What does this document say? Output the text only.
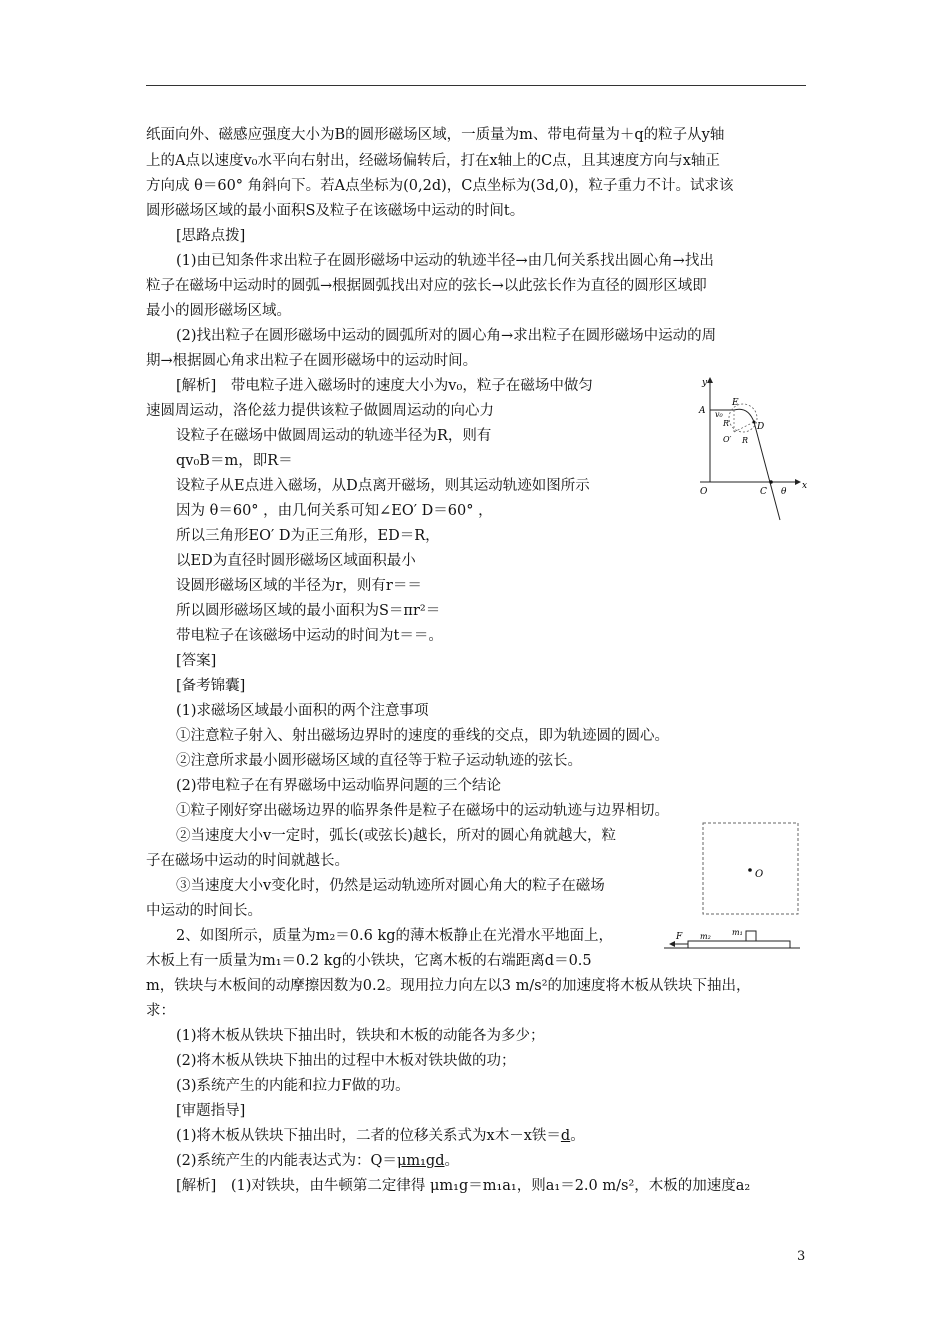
纸面向外、磁感应强度大小为B的圆形磁场区域，一质量为m、带电荷量为＋q的粒子从y轴
上的A点以速度v₀水平向右射出，经磁场偏转后，打在x轴上的C点，且其速度方向与x轴正
方向成 θ＝60° 角斜向下。若A点坐标为(0,2d)，C点坐标为(3d,0)，粒子重力不计。试求该
圆形磁场区域的最小面积S及粒子在该磁场中运动的时间t。
[思路点拨]
(1)由已知条件求出粒子在圆形磁场中运动的轨迹半径→由几何关系找出圆心角→找出
粒子在磁场中运动时的圆弧→根据圆弧找出对应的弦长→以此弦长作为直径的圆形区域即
最小的圆形磁场区域。
(2)找出粒子在圆形磁场中运动的圆弧所对的圆心角→求出粒子在圆形磁场中运动的周
期→根据圆心角求出粒子在圆形磁场中的运动时间。
[解析]　带电粒子进入磁场时的速度大小为v₀，粒子在磁场中做匀
速圆周运动，洛伦兹力提供该粒子做圆周运动的向心力
设粒子在磁场中做圆周运动的轨迹半径为R，则有
qv₀B＝m，即R＝
设粒子从E点进入磁场，从D点离开磁场，则其运动轨迹如图所示
因为 θ＝60° ，由几何关系可知∠EO′ D＝60° ，
所以三角形EO′ D为正三角形，ED＝R，
以ED为直径时圆形磁场区域面积最小
设圆形磁场区域的半径为r，则有r＝＝
所以圆形磁场区域的最小面积为S＝πr²＝
带电粒子在该磁场中运动的时间为t＝＝。
[答案]
[备考锦囊]
(1)求磁场区域最小面积的两个注意事项
①注意粒子射入、射出磁场边界时的速度的垂线的交点，即为轨迹圆的圆心。
②注意所求最小圆形磁场区域的直径等于粒子运动轨迹的弦长。
(2)带电粒子在有界磁场中运动临界问题的三个结论
①粒子刚好穿出磁场边界的临界条件是粒子在磁场中的运动轨迹与边界相切。
②当速度大小v一定时，弧长(或弦长)越长，所对的圆心角就越大，粒
子在磁场中运动的时间就越长。
③当速度大小v变化时，仍然是运动轨迹所对圆心角大的粒子在磁场
中运动的时间长。
2、如图所示，质量为m₂＝0.6 kg的薄木板静止在光滑水平地面上，
木板上有一质量为m₁＝0.2 kg的小铁块，它离木板的右端距离d＝0.5
m，铁块与木板间的动摩擦因数为0.2。现用拉力向左以3 m/s²的加速度将木板从铁块下抽出，
求：
(1)将木板从铁块下抽出时，铁块和木板的动能各为多少；
(2)将木板从铁块下抽出的过程中木板对铁块做的功；
(3)系统产生的内能和拉力F做的功。
[审题指导]
(1)将木板从铁块下抽出时，二者的位移关系式为x木－x铁＝d。
(2)系统产生的内能表达式为：Q＝μm₁gd。
[解析]　(1)对铁块，由牛顿第二定律得 μm₁g＝m₁a₁，则a₁＝2.0 m/s²，木板的加速度a₂
y
x
A
E
v₀
R
R
O′
D
O	C θ
O
F m₂	m₁
3
